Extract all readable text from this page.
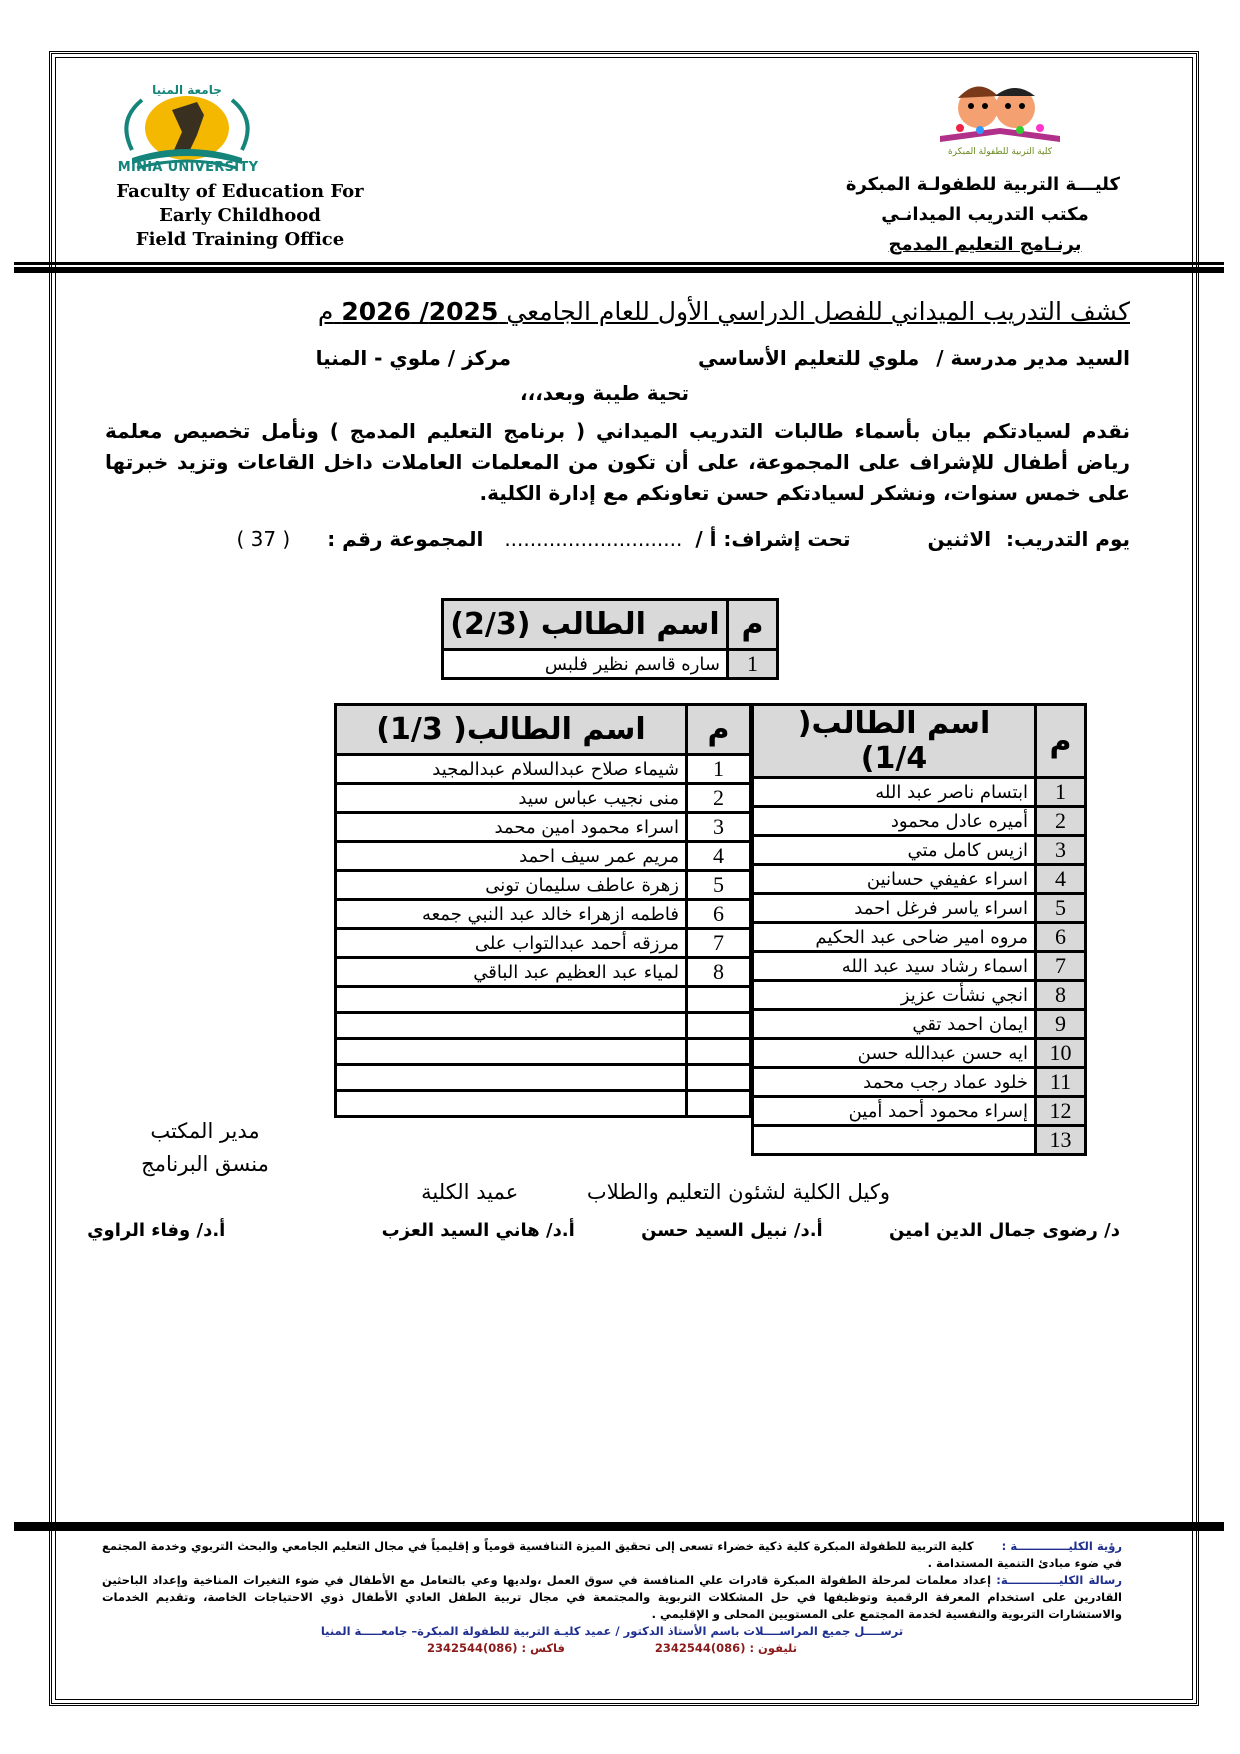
جامعة المنيا
MINIA UNIVERSITY
Faculty of Education For
Early Childhood
Field Training Office
كلية التربية للطفولة المبكرة
كليـــة التربية للطفولـة المبكرة
مكتب التدريب الميدانـي
برنـامج التعليم المدمج
كشف التدريب الميداني للفصل الدراسي الأول للعام الجامعي 2025/ 2026 م
السيد مدير مدرسة / ملوي للتعليم الأساسي مركز / ملوي - المنيا
تحية طيبة وبعد،،،
نقدم لسيادتكم بيان بأسماء طالبات التدريب الميداني ( برنامج التعليم المدمج ) ونأمل تخصيص معلمة رياض أطفال للإشراف على المجموعة، على أن تكون من المعلمات العاملات داخل القاعات وتزيد خبرتها على خمس سنوات، ونشكر لسيادتكم حسن تعاونكم مع إدارة الكلية.
يوم التدريب: الاثنين تحت إشراف: أ / ............................ المجموعة رقم : ( 37 )
م	اسم الطالب (2/3)
1	ساره قاسم نظير فلبس
م	اسم الطالب( 1/4)
1	ابتسام ناصر عبد الله
2	أميره عادل محمود
3	ازيس كامل متي
4	اسراء عفيفي حسانين
5	اسراء ياسر فرغل احمد
6	مروه امير ضاحى عبد الحكيم
7	اسماء رشاد سيد عبد الله
8	انجي نشأت عزيز
9	ايمان احمد تقي
10	ايه حسن عبدالله حسن
11	خلود عماد رجب محمد
12	إسراء محمود أحمد أمين
13	
م	اسم الطالب( 1/3)
1	شيماء صلاح عبدالسلام عبدالمجيد
2	منى نجيب عباس سيد
3	اسراء محمود امين محمد
4	مريم عمر سيف احمد
5	زهرة عاطف سليمان تونى
6	فاطمه ازهراء خالد عبد النبي جمعه
7	مرزقه أحمد عبدالتواب على
8	لمياء عبد العظيم عبد الباقي

مدير المكتب
منسق البرنامج
وكيل الكلية لشئون التعليم والطلاب عميد الكلية
د/ رضوى جمال الدين امين أ.د/ نبيل السيد حسن أ.د/ هاني السيد العزب أ.د/ وفاء الراوي
رؤية الكليـــــــــــــة : كلية التربية للطفولة المبكرة كلية ذكية خضراء تسعى إلى تحقيق الميزة التنافسية قومياً و إقليمياً في مجال التعليم الجامعي والبحث التربوي وخدمة المجتمع في ضوء مبادئ التنمية المستدامة .
رسالة الكليـــــــــــــة: إعداد معلمات لمرحلة الطفولة المبكرة قادرات علي المنافسة في سوق العمل ،ولديها وعي بالتعامل مع الأطفال في ضوء التغيرات المناخية وإعداد الباحثين القادرين على استخدام المعرفة الرقمية وتوظيفها في حل المشكلات التربوية والمجتمعة في مجال تربية الطفل العادي الأطفال ذوي الاحتياجات الخاصة، وتقديم الخدمات والاستشارات التربوية والنفسية لخدمة المجتمع على المستويين المحلى و الإقليمي .
ترســــل جميع المراســــلات باسم الأستاذ الدكتور / عميد كليـة التربية للطفولة المبكرة– جامعـــــة المنيا
تليفون : (086)2342544
فاكس : (086)2342544
